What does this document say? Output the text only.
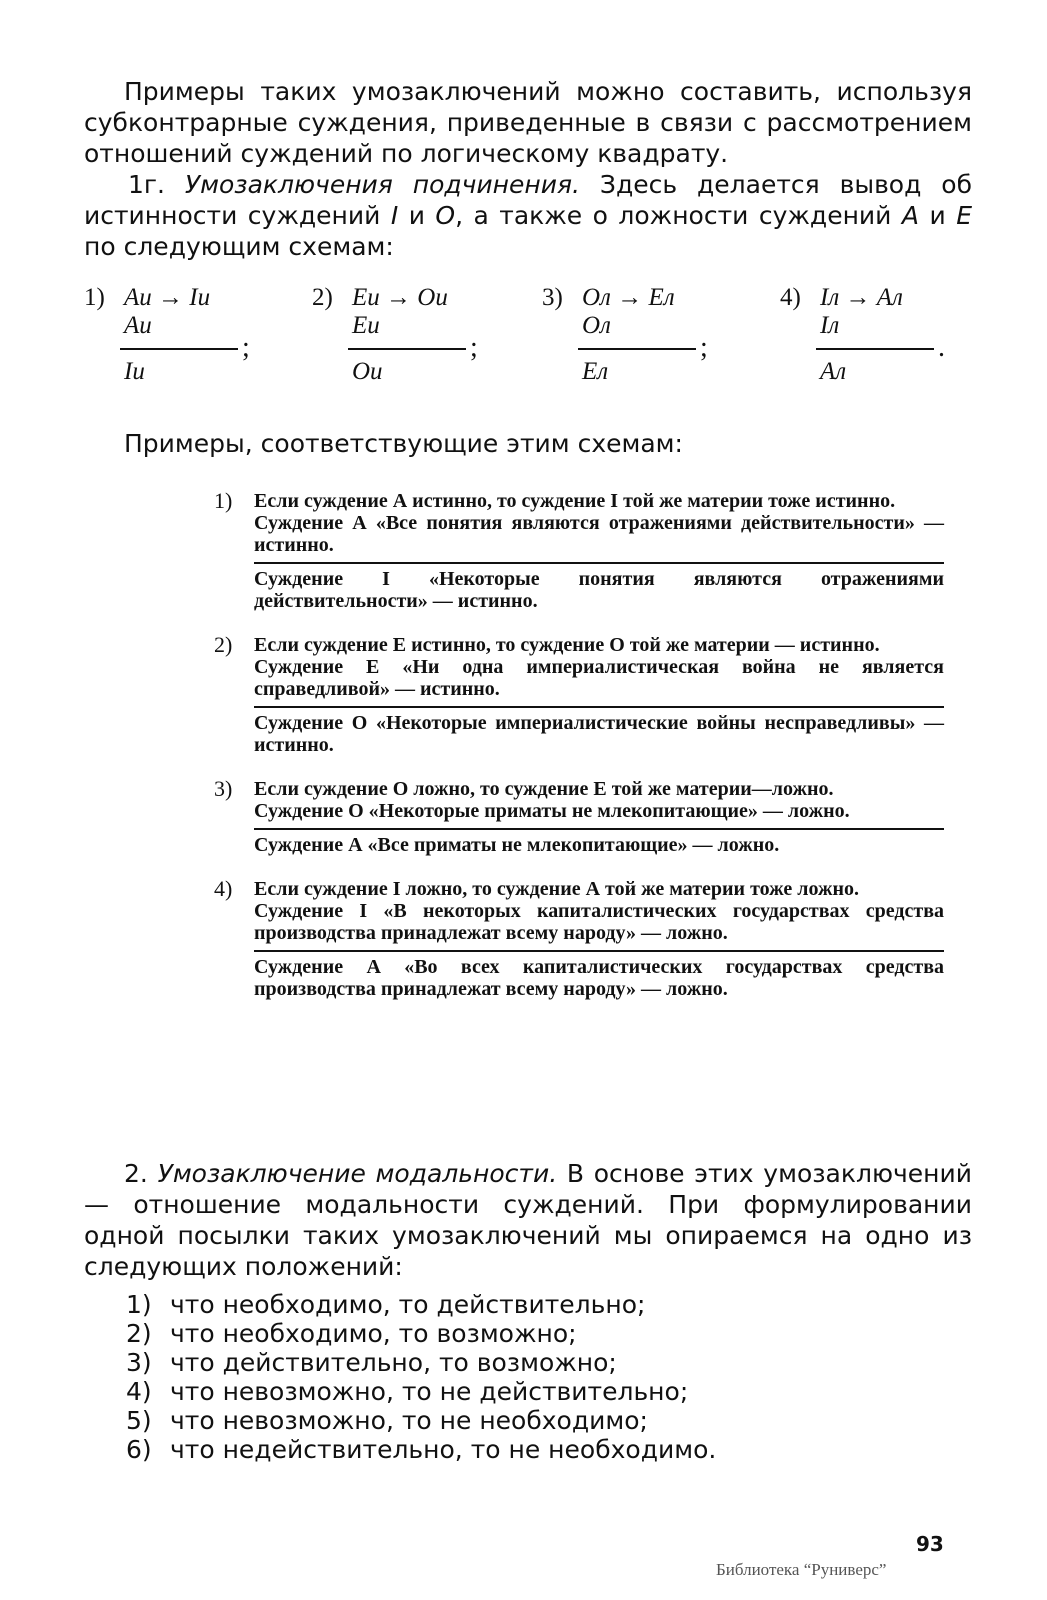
Примеры таких умозаключений можно составить, используя субконтрарные суждения, приведенные в связи с рассмотрением отношений суждений по логическому квадрату.

1г. Умозаключения подчинения. Здесь делается вывод об истинности суждений I и O, а также о ложности суждений A и E по следующим схемам:

1) Аи → Iи
Аи
;
Iи
2) Еи → Ои
Еи
;
Ои
3) Ол → Ел
Ол
;
Ел
4) Iл → Ал
Iл
.
Ал
Примеры, соответствующие этим схемам:
1) Если суждение А истинно, то суждение I той же материи тоже истинно.

Суждение А «Все понятия являются отражениями действительности» — истинно.

Суждение I «Некоторые понятия являются отражениями действительности» — истинно.

2) Если суждение Е истинно, то суждение О той же материи — истинно.

Суждение Е «Ни одна империалистическая война не является справедливой» — истинно.

Суждение О «Некоторые империалистические войны несправедливы» — истинно.

3) Если суждение О ложно, то суждение Е той же материи—ложно.

Суждение О «Некоторые приматы не млекопитающие» — ложно.

Суждение А «Все приматы не млекопитающие» — ложно.

4) Если суждение I ложно, то суждение А той же материи тоже ложно.

Суждение I «В некоторых капиталистических государствах средства производства принадлежат всему народу» — ложно.

Суждение А «Во всех капиталистических государствах средства производства принадлежат всему народу» — ложно.

2. Умозаключение модальности. В основе этих умозаключений — отношение модальности суждений. При формулировании одной посылки таких умозаключений мы опираемся на одно из следующих положений:

1) что необходимо, то действительно;
2) что необходимо, то возможно;
3) что действительно, то возможно;
4) что невозможно, то не действительно;
5) что невозможно, то не необходимо;
6) что недействительно, то не необходимо.
93
Библиотека “Руниверс”
